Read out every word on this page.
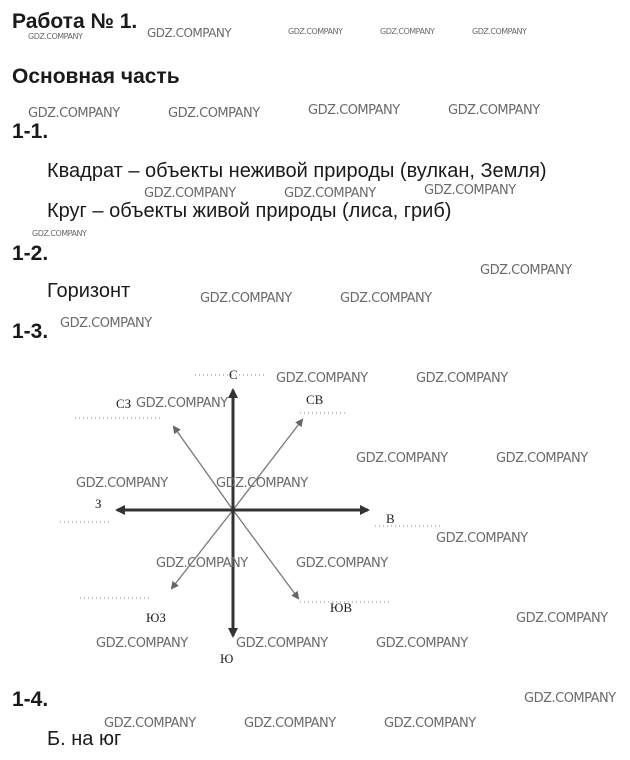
Работа № 1.
Основная часть
1-1.
Квадрат – объекты неживой природы (вулкан, Земля)
Круг – объекты живой природы (лиса, гриб)
1-2.
Горизонт
1-3.
С
СВ
В
ЮВ
Ю
ЮЗ
З
СЗ
1-4.
Б. на юг
GDZ.COMPANY	GDZ.COMPANY	GDZ.COMPANY	GDZ.COMPANY	GDZ.COMPANY
GDZ.COMPANY	GDZ.COMPANY	GDZ.COMPANY	GDZ.COMPANY
GDZ.COMPANY	GDZ.COMPANY	GDZ.COMPANY
GDZ.COMPANY
GDZ.COMPANY
GDZ.COMPANY	GDZ.COMPANY
GDZ.COMPANY
GDZ.COMPANY	GDZ.COMPANY
GDZ.COMPANY
GDZ.COMPANY	GDZ.COMPANY
GDZ.COMPANY	GDZ.COMPANY
GDZ.COMPANY
GDZ.COMPANY	GDZ.COMPANY
GDZ.COMPANY
GDZ.COMPANY	GDZ.COMPANY	GDZ.COMPANY
GDZ.COMPANY
GDZ.COMPANY	GDZ.COMPANY	GDZ.COMPANY
